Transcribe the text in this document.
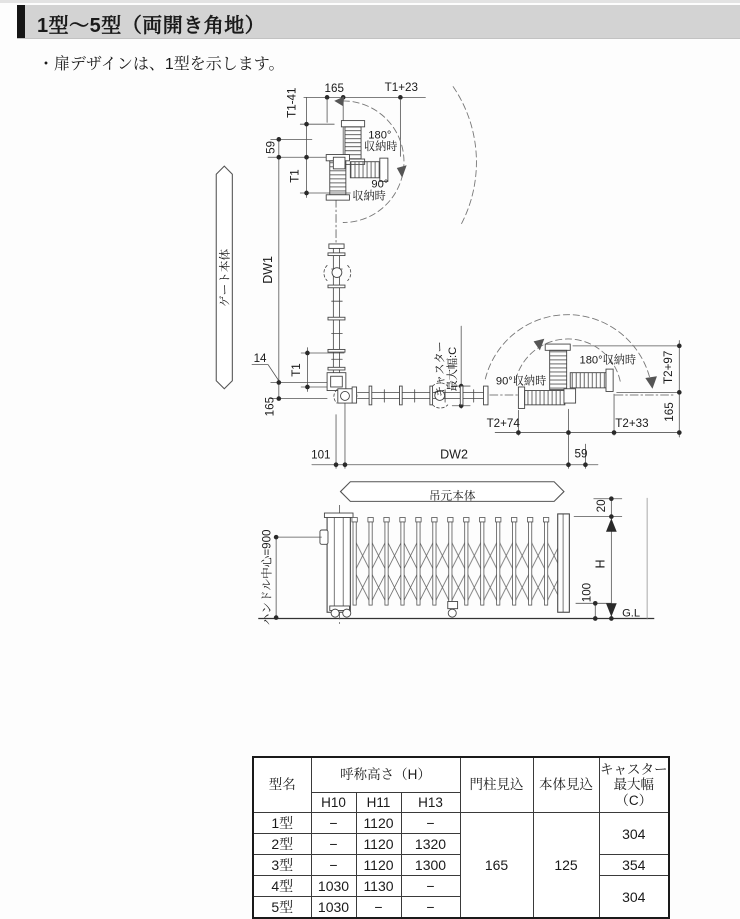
1型〜5型（両開き角地）
・扉デザインは、1型を示します。
ゲート本体
165	T1+23
T1-41
59
T1
180°
収納時
90°
収納時
DW1
14
T1
165
キャスター 最大幅:C	90°収納時
180°収納時 T2+97
165
T2+74	T2+33
101	DW2	59
吊元本体
ハンドル中心=900
20
H
100
G.L
型名	呼称高さ（H）			門柱見込	本体見込	キャスター
最大幅
（C）
	H10	H11	H13			
1型	−	1120	−	165	125	304
2型	−	1120	1320			
3型	−	1120	1300			354
4型	1030	1130	−			304
5型	1030	−	−			
